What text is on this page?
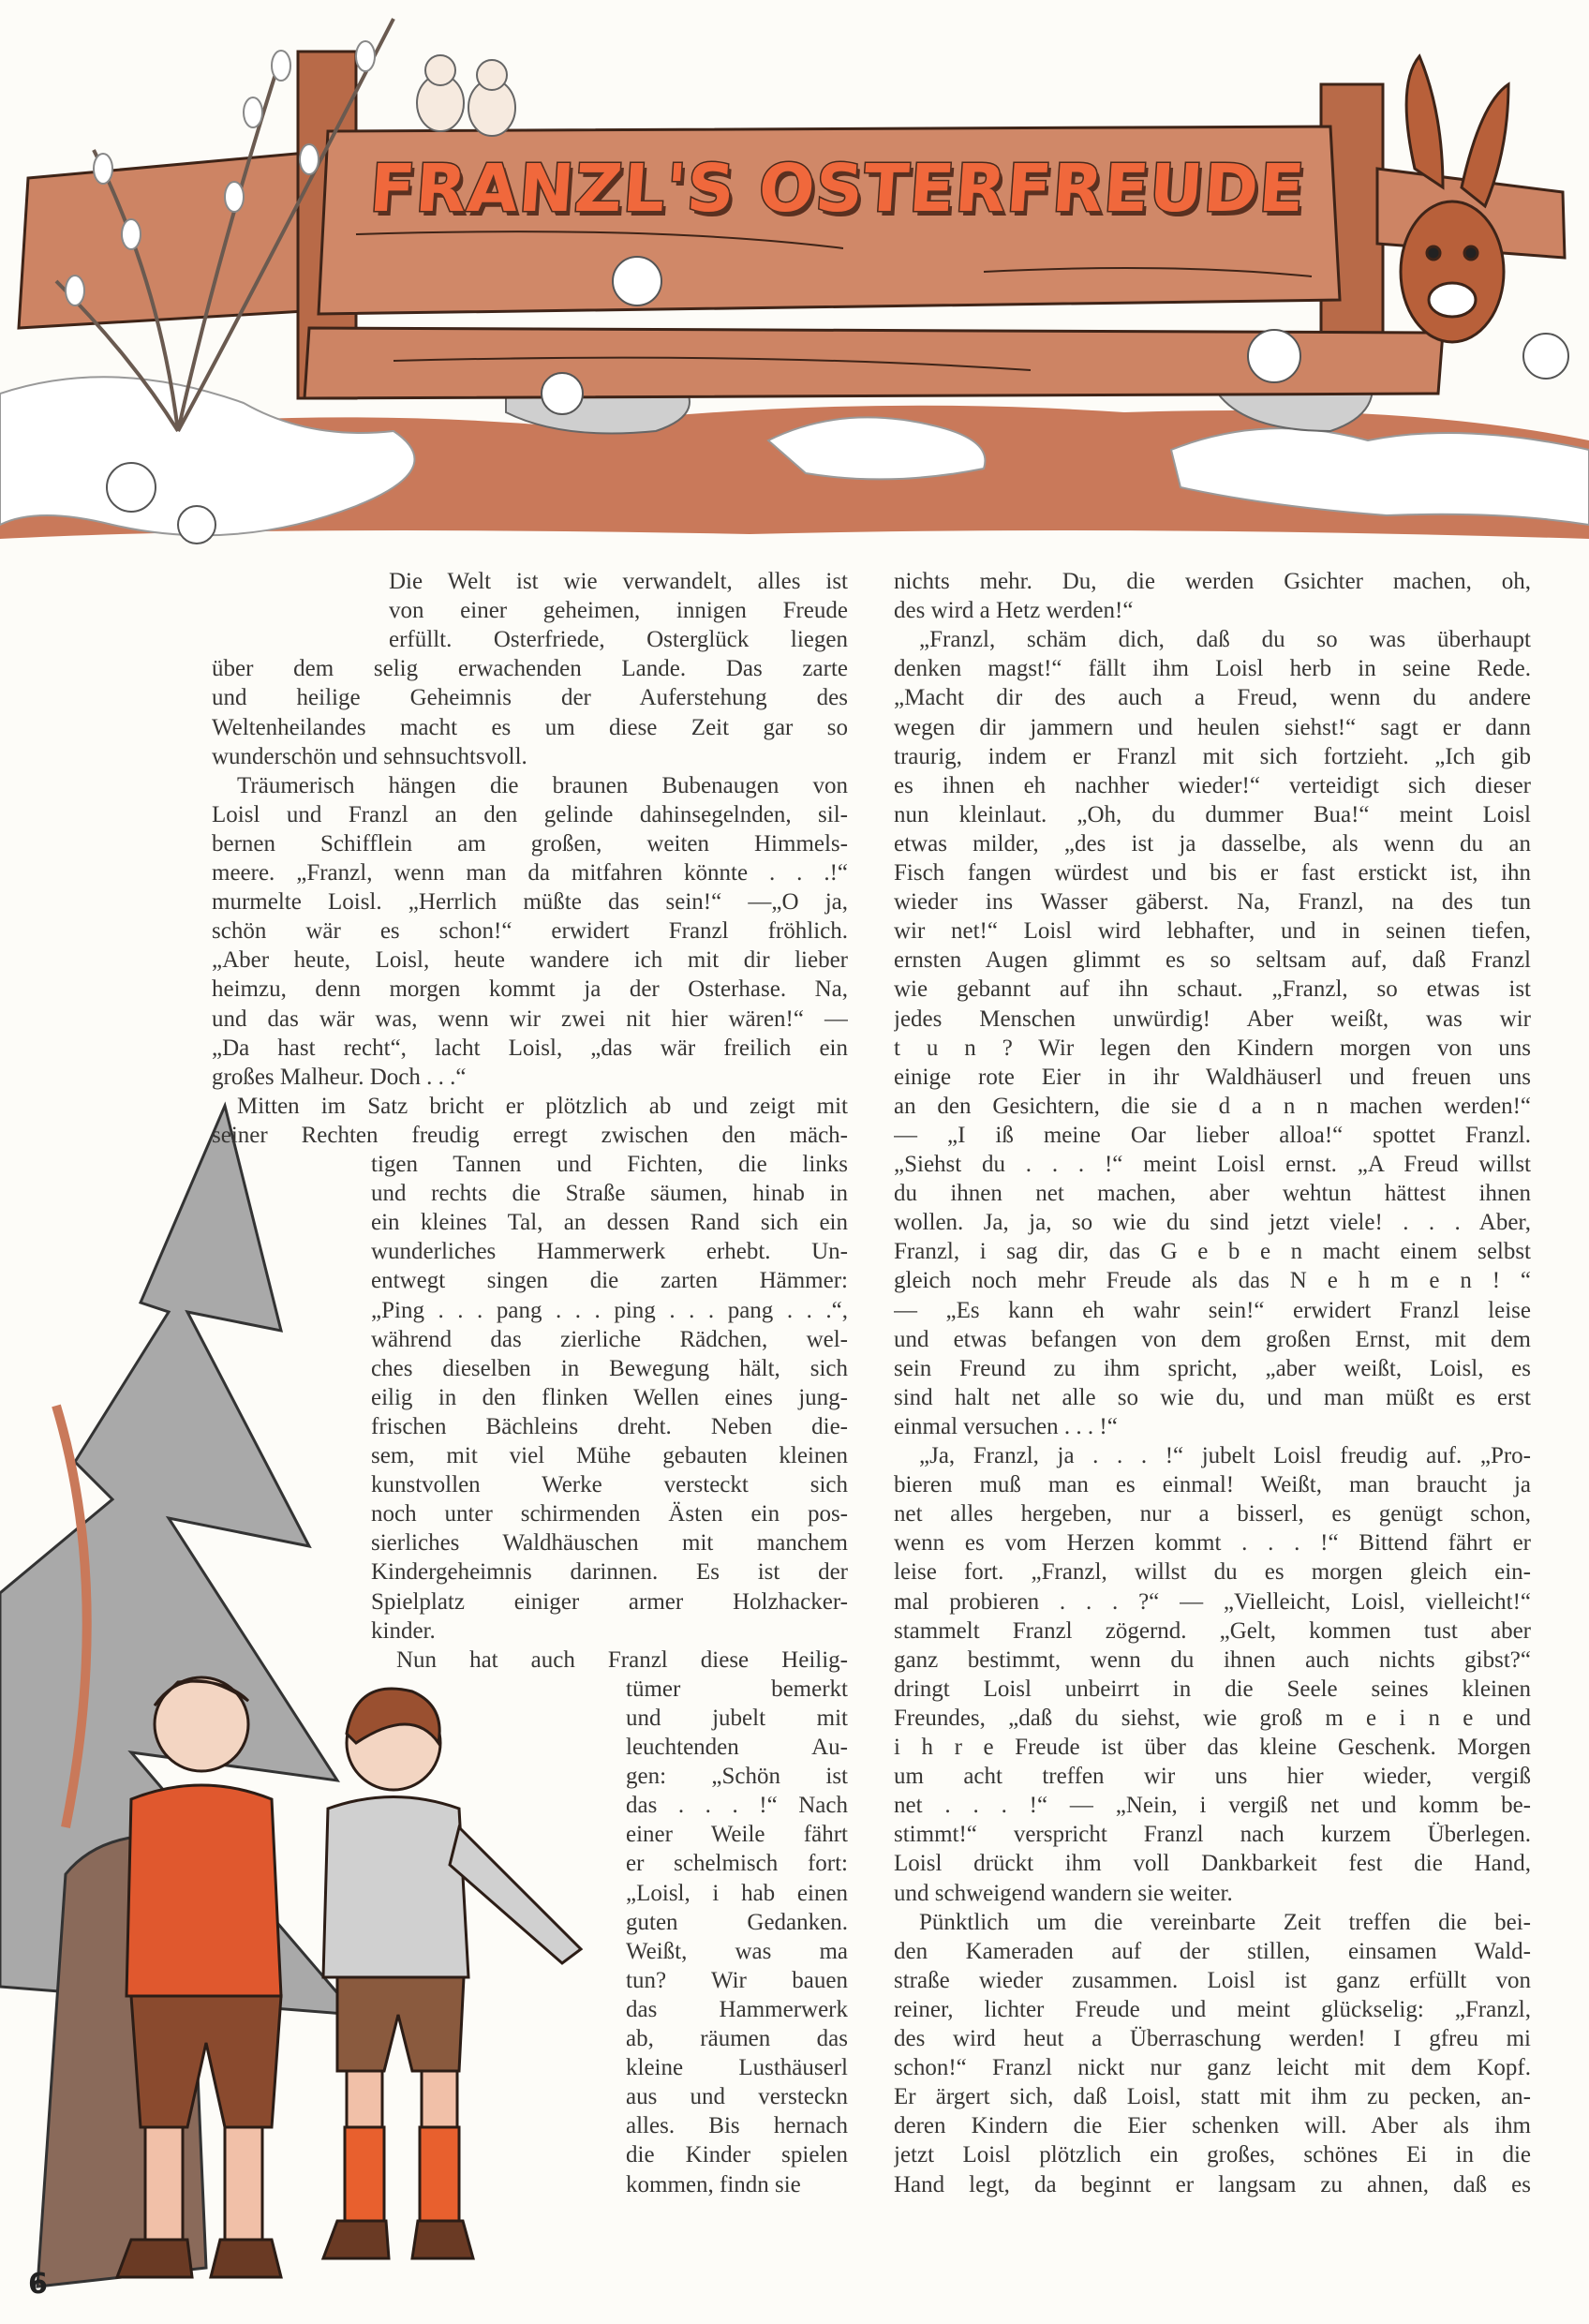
FRANZL'S OSTERFREUDE
Die Welt ist wie verwandelt, alles ist
von einer geheimen, innigen Freude
erfüllt. Osterfriede, Osterglück liegen
über dem selig erwachenden Lande. Das zarte
und heilige Geheimnis der Auferstehung des
Weltenheilandes macht es um diese Zeit gar so
wunderschön und sehnsuchtsvoll.
Träumerisch hängen die braunen Bubenaugen von
Loisl und Franzl an den gelinde dahinsegelnden, sil-
bernen Schifflein am großen, weiten Himmels-
meere. „Franzl, wenn man da mitfahren könnte . . .!“
murmelte Loisl. „Herrlich müßte das sein!“ —„O ja,
schön wär es schon!“ erwidert Franzl fröhlich.
„Aber heute, Loisl, heute wandere ich mit dir lieber
heimzu, denn morgen kommt ja der Osterhase. Na,
und das wär was, wenn wir zwei nit hier wären!“ —
„Da hast recht“, lacht Loisl, „das wär freilich ein
großes Malheur. Doch . . .“
Mitten im Satz bricht er plötzlich ab und zeigt mit
seiner Rechten freudig erregt zwischen den mäch-
tigen Tannen und Fichten, die links
und rechts die Straße säumen, hinab in
ein kleines Tal, an dessen Rand sich ein
wunderliches Hammerwerk erhebt. Un-
entwegt singen die zarten Hämmer:
„Ping . . . pang . . . ping . . . pang . . .“,
während das zierliche Rädchen, wel-
ches dieselben in Bewegung hält, sich
eilig in den flinken Wellen eines jung-
frischen Bächleins dreht. Neben die-
sem, mit viel Mühe gebauten kleinen
kunstvollen Werke versteckt sich
noch unter schirmenden Ästen ein pos-
sierliches Waldhäuschen mit manchem
Kindergeheimnis darinnen. Es ist der
Spielplatz einiger armer Holzhacker-
kinder.
Nun hat auch Franzl diese Heilig-
tümer bemerkt
und jubelt mit
leuchtenden Au-
gen: „Schön ist
das . . . !“ Nach
einer Weile fährt
er schelmisch fort:
„Loisl, i hab einen
guten Gedanken.
Weißt, was ma
tun? Wir bauen
das Hammerwerk
ab, räumen das
kleine Lusthäuserl
aus und versteckn
alles. Bis hernach
die Kinder spielen
kommen, findn sie
nichts mehr. Du, die werden Gsichter machen, oh,
des wird a Hetz werden!“
„Franzl, schäm dich, daß du so was überhaupt
denken magst!“ fällt ihm Loisl herb in seine Rede.
„Macht dir des auch a Freud, wenn du andere
wegen dir jammern und heulen siehst!“ sagt er dann
traurig, indem er Franzl mit sich fortzieht. „Ich gib
es ihnen eh nachher wieder!“ verteidigt sich dieser
nun kleinlaut. „Oh, du dummer Bua!“ meint Loisl
etwas milder, „des ist ja dasselbe, als wenn du an
Fisch fangen würdest und bis er fast erstickt ist, ihn
wieder ins Wasser gäberst. Na, Franzl, na des tun
wir net!“ Loisl wird lebhafter, und in seinen tiefen,
ernsten Augen glimmt es so seltsam auf, daß Franzl
wie gebannt auf ihn schaut. „Franzl, so etwas ist
jedes Menschen unwürdig! Aber weißt, was wir
t u n ? Wir legen den Kindern morgen von uns
einige rote Eier in ihr Waldhäuserl und freuen uns
an den Gesichtern, die sie d a n n machen werden!“
— „I iß meine Oar lieber alloa!“ spottet Franzl.
„Siehst du . . . !“ meint Loisl ernst. „A Freud willst
du ihnen net machen, aber wehtun hättest ihnen
wollen. Ja, ja, so wie du sind jetzt viele! . . . Aber,
Franzl, i sag dir, das G e b e n macht einem selbst
gleich noch mehr Freude als das N e h m e n ! “
— „Es kann eh wahr sein!“ erwidert Franzl leise
und etwas befangen von dem großen Ernst, mit dem
sein Freund zu ihm spricht, „aber weißt, Loisl, es
sind halt net alle so wie du, und man müßt es erst
einmal versuchen . . . !“
„Ja, Franzl, ja . . . !“ jubelt Loisl freudig auf. „Pro-
bieren muß man es einmal! Weißt, man braucht ja
net alles hergeben, nur a bisserl, es genügt schon,
wenn es vom Herzen kommt . . . !“ Bittend fährt er
leise fort. „Franzl, willst du es morgen gleich ein-
mal probieren . . . ?“ — „Vielleicht, Loisl, vielleicht!“
stammelt Franzl zögernd. „Gelt, kommen tust aber
ganz bestimmt, wenn du ihnen auch nichts gibst?“
dringt Loisl unbeirrt in die Seele seines kleinen
Freundes, „daß du siehst, wie groß m e i n e und
i h r e Freude ist über das kleine Geschenk. Morgen
um acht treffen wir uns hier wieder, vergiß
net . . . !“ — „Nein, i vergiß net und komm be-
stimmt!“ verspricht Franzl nach kurzem Überlegen.
Loisl drückt ihm voll Dankbarkeit fest die Hand,
und schweigend wandern sie weiter.
Pünktlich um die vereinbarte Zeit treffen die bei-
den Kameraden auf der stillen, einsamen Wald-
straße wieder zusammen. Loisl ist ganz erfüllt von
reiner, lichter Freude und meint glückselig: „Franzl,
des wird heut a Überraschung werden! I gfreu mi
schon!“ Franzl nickt nur ganz leicht mit dem Kopf.
Er ärgert sich, daß Loisl, statt mit ihm zu pecken, an-
deren Kindern die Eier schenken will. Aber als ihm
jetzt Loisl plötzlich ein großes, schönes Ei in die
Hand legt, da beginnt er langsam zu ahnen, daß es
6
